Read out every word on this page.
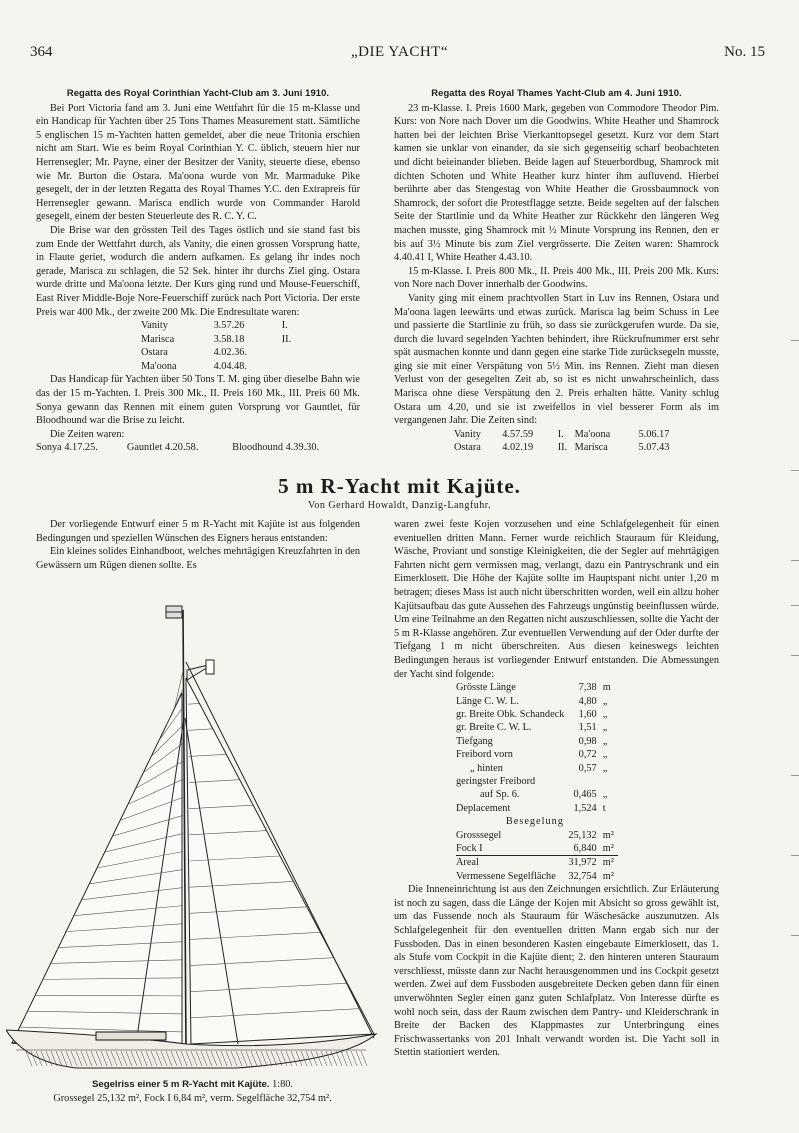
364	„DIE YACHT“	No. 15
Regatta des Royal Corinthian Yacht-Club am 3. Juni 1910.

Bei Port Victoria fand am 3. Juni eine Wettfahrt für die 15 m-Klasse und ein Handicap für Yachten über 25 Tons Thames Measurement statt. Sämtliche 5 englischen 15 m-Yachten hatten gemeldet, aber die neue Tritonia erschien nicht am Start. Wie es beim Royal Corinthian Y. C. üblich, steuern hier nur Herrensegler; Mr. Payne, einer der Besitzer der Vanity, steuerte diese, ebenso wie Mr. Burton die Ostara. Ma'oona wurde von Mr. Marmaduke Pike gesegelt, der in der letzten Regatta des Royal Thames Y.C. den Extrapreis für Herrensegler gewann. Marisca endlich wurde von Commander Harold gesegelt, einem der besten Steuerleute des R. C. Y. C.

Die Brise war den grössten Teil des Tages östlich und sie stand fast bis zum Ende der Wettfahrt durch, als Vanity, die einen grossen Vorsprung hatte, in Flaute geriet, wodurch die andern aufkamen. Es gelang ihr indes noch gerade, Marisca zu schlagen, die 52 Sek. hinter ihr durchs Ziel ging. Ostara wurde dritte und Ma'oona letzte. Der Kurs ging rund und Mouse-Feuerschiff, East River Middle-Boje Nore-Feuerschiff zurück nach Port Victoria. Der erste Preis war 400 Mk., der zweite 200 Mk. Die Endresultate waren:

Vanity	3.57.26	I.
Marisca	3.58.18	II.
Ostara	4.02.36.	
Ma'oona	4.04.48.	

Das Handicap für Yachten über 50 Tons T. M. ging über dieselbe Bahn wie das der 15 m-Yachten. I. Preis 300 Mk., II. Preis 160 Mk., III. Preis 60 Mk. Sonya gewann das Rennen mit einem guten Vorsprung vor Gauntlet, für Bloodhound war die Brise zu leicht.

Die Zeiten waren:

Sonya 4.17.25.	Gauntlet 4.20.58.	Bloodhound 4.39.30.
Regatta des Royal Thames Yacht-Club am 4. Juni 1910.

23 m-Klasse. I. Preis 1600 Mark, gegeben von Commodore Theodor Pim. Kurs: von Nore nach Dover um die Goodwins. White Heather und Shamrock hatten bei der leichten Brise Vierkanttopsegel gesetzt. Kurz vor dem Start kamen sie unklar von einander, da sie sich gegenseitig scharf beobachteten und dicht beieinander blieben. Beide lagen auf Steuerbordbug, Shamrock mit dichten Schoten und White Heather kurz hinter ihm aufluvend. Hierbei berührte aber das Stengestag von White Heather die Grossbaumnock von Shamrock, der sofort die Protestflagge setzte. Beide segelten auf der falschen Seite der Startlinie und da White Heather zur Rückkehr den längeren Weg machen musste, ging Shamrock mit ½ Minute Vorsprung ins Rennen, den er bis auf 3½ Minute bis zum Ziel vergrösserte. Die Zeiten waren: Shamrock 4.40.41 I, White Heather 4.43.10.

15 m-Klasse. I. Preis 800 Mk., II. Preis 400 Mk., III. Preis 200 Mk. Kurs: von Nore nach Dover innerhalb der Goodwins.

Vanity ging mit einem prachtvollen Start in Luv ins Rennen, Ostara und Ma'oona lagen leewärts und etwas zurück. Marisca lag beim Schuss in Lee und passierte die Startlinie zu früh, so dass sie zurückgerufen wurde. Da sie, durch die luvard segelnden Yachten behindert, ihre Rückrufnummer erst sehr spät ausmachen konnte und dann gegen eine starke Tide zurücksegeln musste, ging sie mit einer Verspätung von 5½ Min. ins Rennen. Zieht man diesen Verlust von der gesegelten Zeit ab, so ist es nicht unwahrscheinlich, dass Marisca ohne diese Verspätung den 2. Preis erhalten hätte. Vanity schlug Ostara um 4.20, und sie ist zweifellos in viel besserer Form als im vergangenen Jahr. Die Zeiten sind:

Vanity	4.57.59	I.	Ma'oona	5.06.17
Ostara	4.02.19	II.	Marisca	5.07.43
5 m R-Yacht mit Kajüte.
Von Gerhard Howaldt, Danzig-Langfuhr.

Der vorliegende Entwurf einer 5 m R-Yacht mit Kajüte ist aus folgenden Bedingungen und speziellen Wünschen des Eigners heraus entstanden:

Ein kleines solides Einhandboot, welches mehrtägigen Kreuzfahrten in den Gewässern um Rügen dienen sollte. Es

Segelriss einer 5 m R-Yacht mit Kajüte. 1:80.
Grossegel 25,132 m², Fock I 6,84 m², verm. Segelfläche 32,754 m².

waren zwei feste Kojen vorzusehen und eine Schlafgelegenheit für einen eventuellen dritten Mann. Ferner wurde reichlich Stauraum für Kleidung, Wäsche, Proviant und sonstige Kleinigkeiten, die der Segler auf mehrtägigen Fahrten nicht gern vermissen mag, verlangt, dazu ein Pantryschrank und ein Eimerklosett. Die Höhe der Kajüte sollte im Hauptspant nicht unter 1,20 m betragen; dieses Mass ist auch nicht überschritten worden, weil ein allzu hoher Kajütsaufbau das gute Aussehen des Fahrzeugs ungünstig beeinflussen würde. Um eine Teilnahme an den Regatten nicht auszuschliessen, sollte die Yacht der 5 m R-Klasse angehören. Zur eventuellen Verwendung auf der Oder durfte der Tiefgang 1 m nicht überschreiten. Aus diesen keineswegs leichten Bedingungen heraus ist vorliegender Entwurf entstanden. Die Abmessungen der Yacht sind folgende:

Grösste Länge	7,38	m
Länge C. W. L.	4,80	„
gr. Breite Obk. Schandeck	1,60	„
gr. Breite C. W. L.	1,51	„
Tiefgang	0,98	„
Freibord vorn	0,72	„
„ hinten	0,57	„
geringster Freibord		
auf Sp. 6.	0,465	„
Deplacement	1,524	t
Besegelung		
Grosssegel	25,132	m²
Fock I	6,840	m²
Areal	31,972	m²
Vermessene Segelfläche	32,754	m²

Die Inneneinrichtung ist aus den Zeichnungen ersichtlich. Zur Erläuterung ist noch zu sagen, dass die Länge der Kojen mit Absicht so gross gewählt ist, um das Fussende noch als Stauraum für Wäschesäcke auszunutzen. Als Schlafgelegenheit für den eventuellen dritten Mann ergab sich nur der Fussboden. Das in einen besonderen Kasten eingebaute Eimerklosett, das 1. als Stufe vom Cockpit in die Kajüte dient; 2. den hinteren unteren Stauraum verschliesst, müsste dann zur Nacht herausgenommen und ins Cockpit gesetzt werden. Zwei auf dem Fussboden ausgebreitete Decken geben dann für einen unverwöhnten Segler einen ganz guten Schlafplatz. Von Interesse dürfte es wohl noch sein, dass der Raum zwischen dem Pantry- und Kleiderschrank in Breite der Backen des Klappmastes zur Unterbringung eines Frischwassertanks von 201 Inhalt verwandt worden ist. Die Yacht soll in Stettin stationiert werden.
